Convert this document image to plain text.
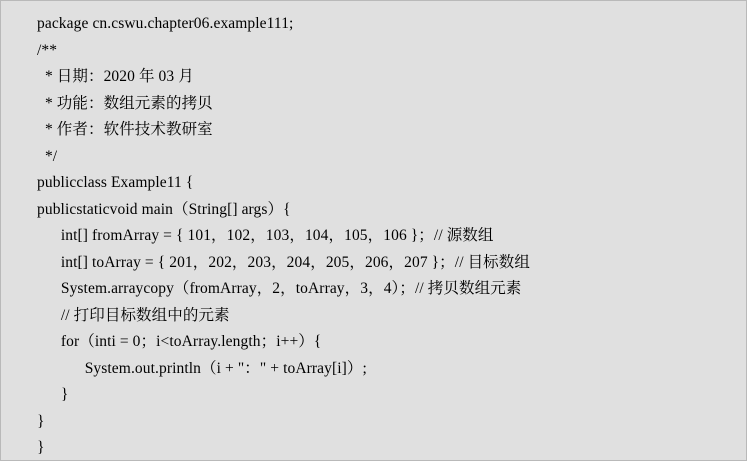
package cn.cswu.chapter06.example111;
/**
* 日期：2020 年 03 月
* 功能：数组元素的拷贝
* 作者：软件技术教研室
*/
publicclass Example11 {
publicstaticvoid main（String[] args）{
int[] fromArray = { 101，102，103，104，105，106 }；// 源数组
int[] toArray = { 201，202，203，204，205，206，207 }；// 目标数组
System.arraycopy（fromArray，2，toArray，3，4）；// 拷贝数组元素
// 打印目标数组中的元素
for（inti = 0；i<toArray.length；i++）{
System.out.println（i + "：" + toArray[i]）;
}
}
}
